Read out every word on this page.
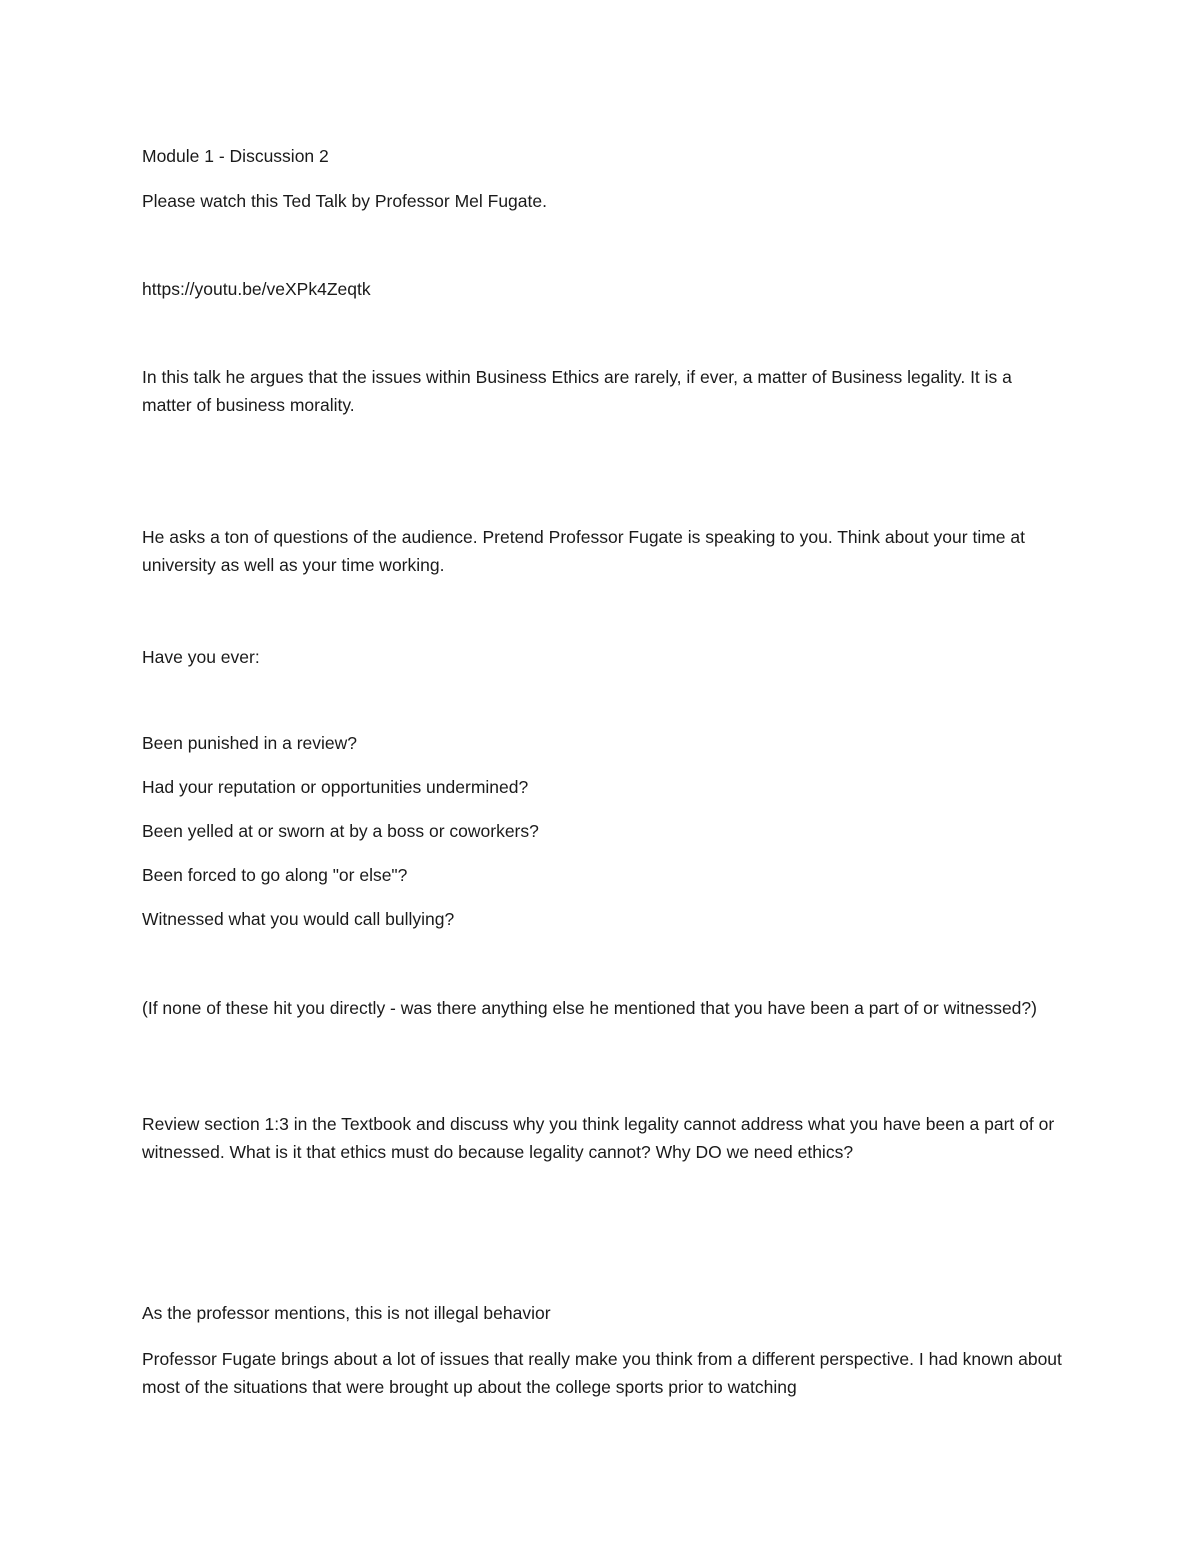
Module 1 - Discussion 2

Please watch this Ted Talk by Professor Mel Fugate.

https://youtu.be/veXPk4Zeqtk

In this talk he argues that the issues within Business Ethics are rarely, if ever, a matter of Business legality. It is a matter of business morality.

He asks a ton of questions of the audience. Pretend Professor Fugate is speaking to you. Think about your time at university as well as your time working.

Have you ever:

Been punished in a review?

Had your reputation or opportunities undermined?

Been yelled at or sworn at by a boss or coworkers?

Been forced to go along "or else"?

Witnessed what you would call bullying?

(If none of these hit you directly - was there anything else he mentioned that you have been a part of or witnessed?)

Review section 1:3 in the Textbook and discuss why you think legality cannot address what you have been a part of or witnessed. What is it that ethics must do because legality cannot? Why DO we need ethics?

As the professor mentions, this is not illegal behavior

Professor Fugate brings about a lot of issues that really make you think from a different perspective. I had known about most of the situations that were brought up about the college sports prior to watching
